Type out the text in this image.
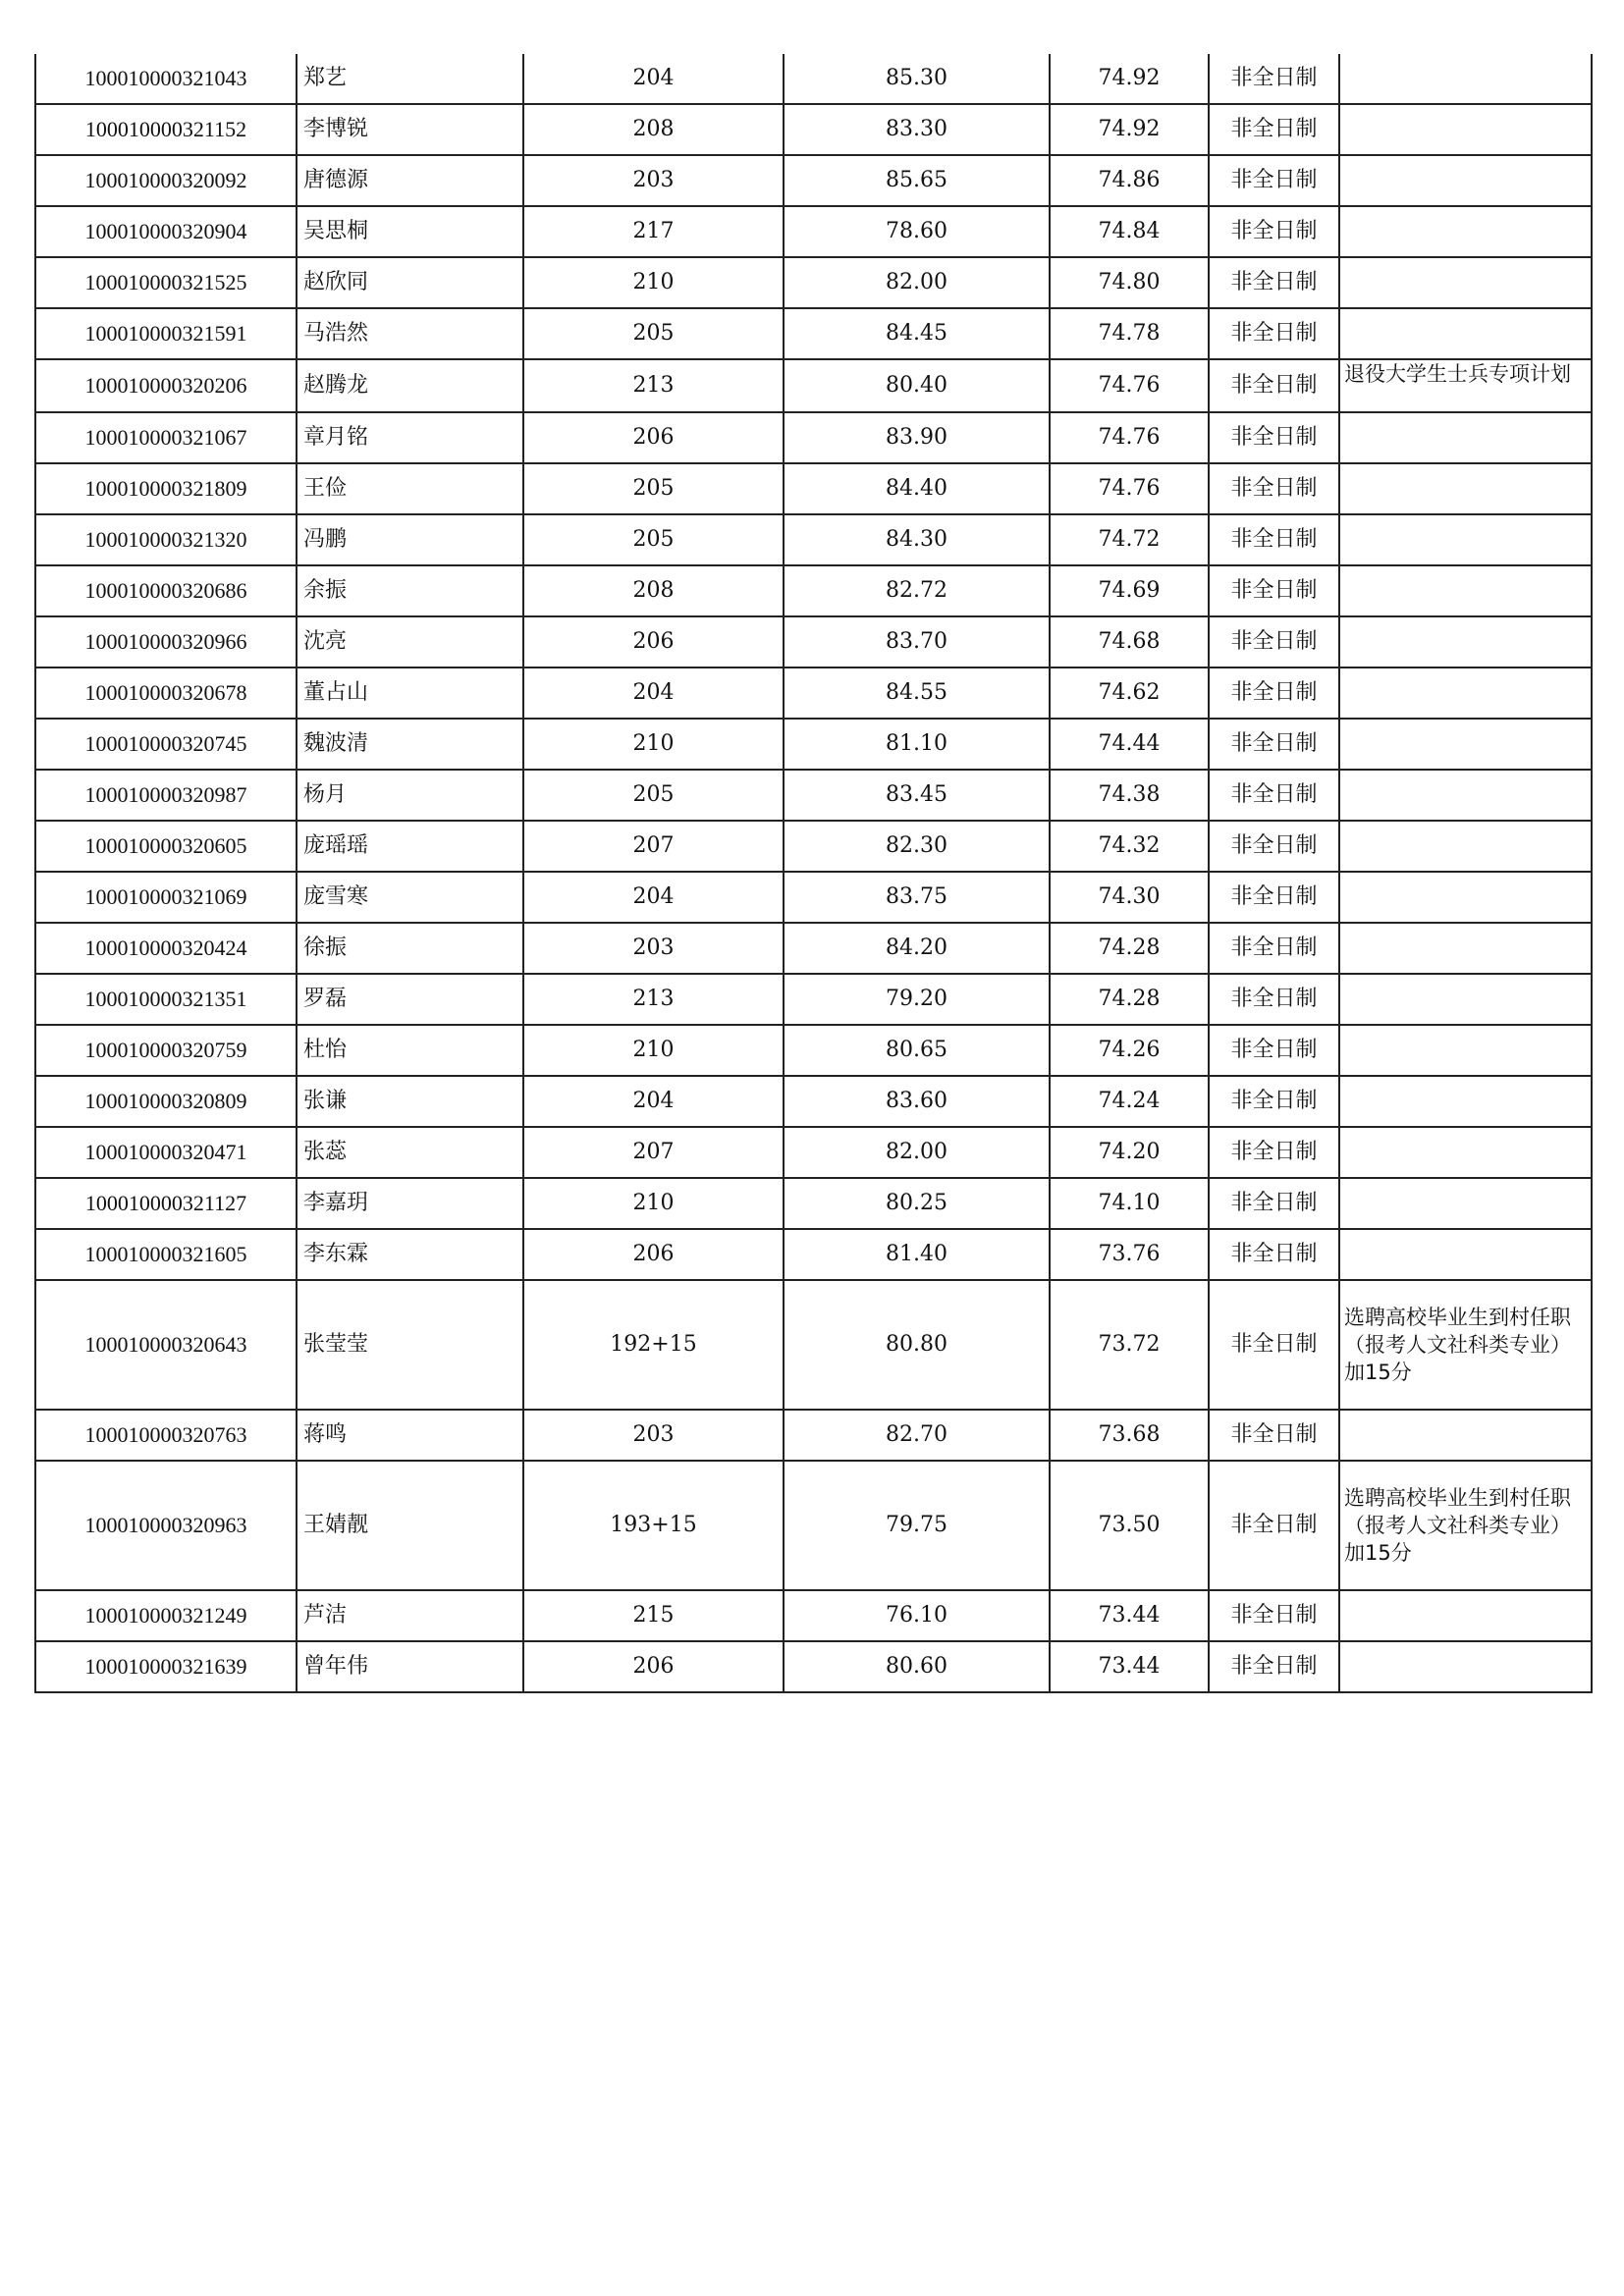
100010000321043	郑艺	204	85.30	74.92	非全日制	
100010000321152	李博锐	208	83.30	74.92	非全日制	
100010000320092	唐德源	203	85.65	74.86	非全日制	
100010000320904	吴思桐	217	78.60	74.84	非全日制	
100010000321525	赵欣同	210	82.00	74.80	非全日制	
100010000321591	马浩然	205	84.45	74.78	非全日制	
100010000320206	赵腾龙	213	80.40	74.76	非全日制	退役大学生士兵专项计划
100010000321067	章月铭	206	83.90	74.76	非全日制	
100010000321809	王俭	205	84.40	74.76	非全日制	
100010000321320	冯鹏	205	84.30	74.72	非全日制	
100010000320686	余振	208	82.72	74.69	非全日制	
100010000320966	沈亮	206	83.70	74.68	非全日制	
100010000320678	董占山	204	84.55	74.62	非全日制	
100010000320745	魏波清	210	81.10	74.44	非全日制	
100010000320987	杨月	205	83.45	74.38	非全日制	
100010000320605	庞瑶瑶	207	82.30	74.32	非全日制	
100010000321069	庞雪寒	204	83.75	74.30	非全日制	
100010000320424	徐振	203	84.20	74.28	非全日制	
100010000321351	罗磊	213	79.20	74.28	非全日制	
100010000320759	杜怡	210	80.65	74.26	非全日制	
100010000320809	张谦	204	83.60	74.24	非全日制	
100010000320471	张蕊	207	82.00	74.20	非全日制	
100010000321127	李嘉玥	210	80.25	74.10	非全日制	
100010000321605	李东霖	206	81.40	73.76	非全日制	
100010000320643	张莹莹	192+15	80.80	73.72	非全日制	选聘高校毕业生到村任职（报考人文社科类专业）加15分
100010000320763	蒋鸣	203	82.70	73.68	非全日制	
100010000320963	王婧靓	193+15	79.75	73.50	非全日制	选聘高校毕业生到村任职（报考人文社科类专业）加15分
100010000321249	芦洁	215	76.10	73.44	非全日制	
100010000321639	曾年伟	206	80.60	73.44	非全日制	
